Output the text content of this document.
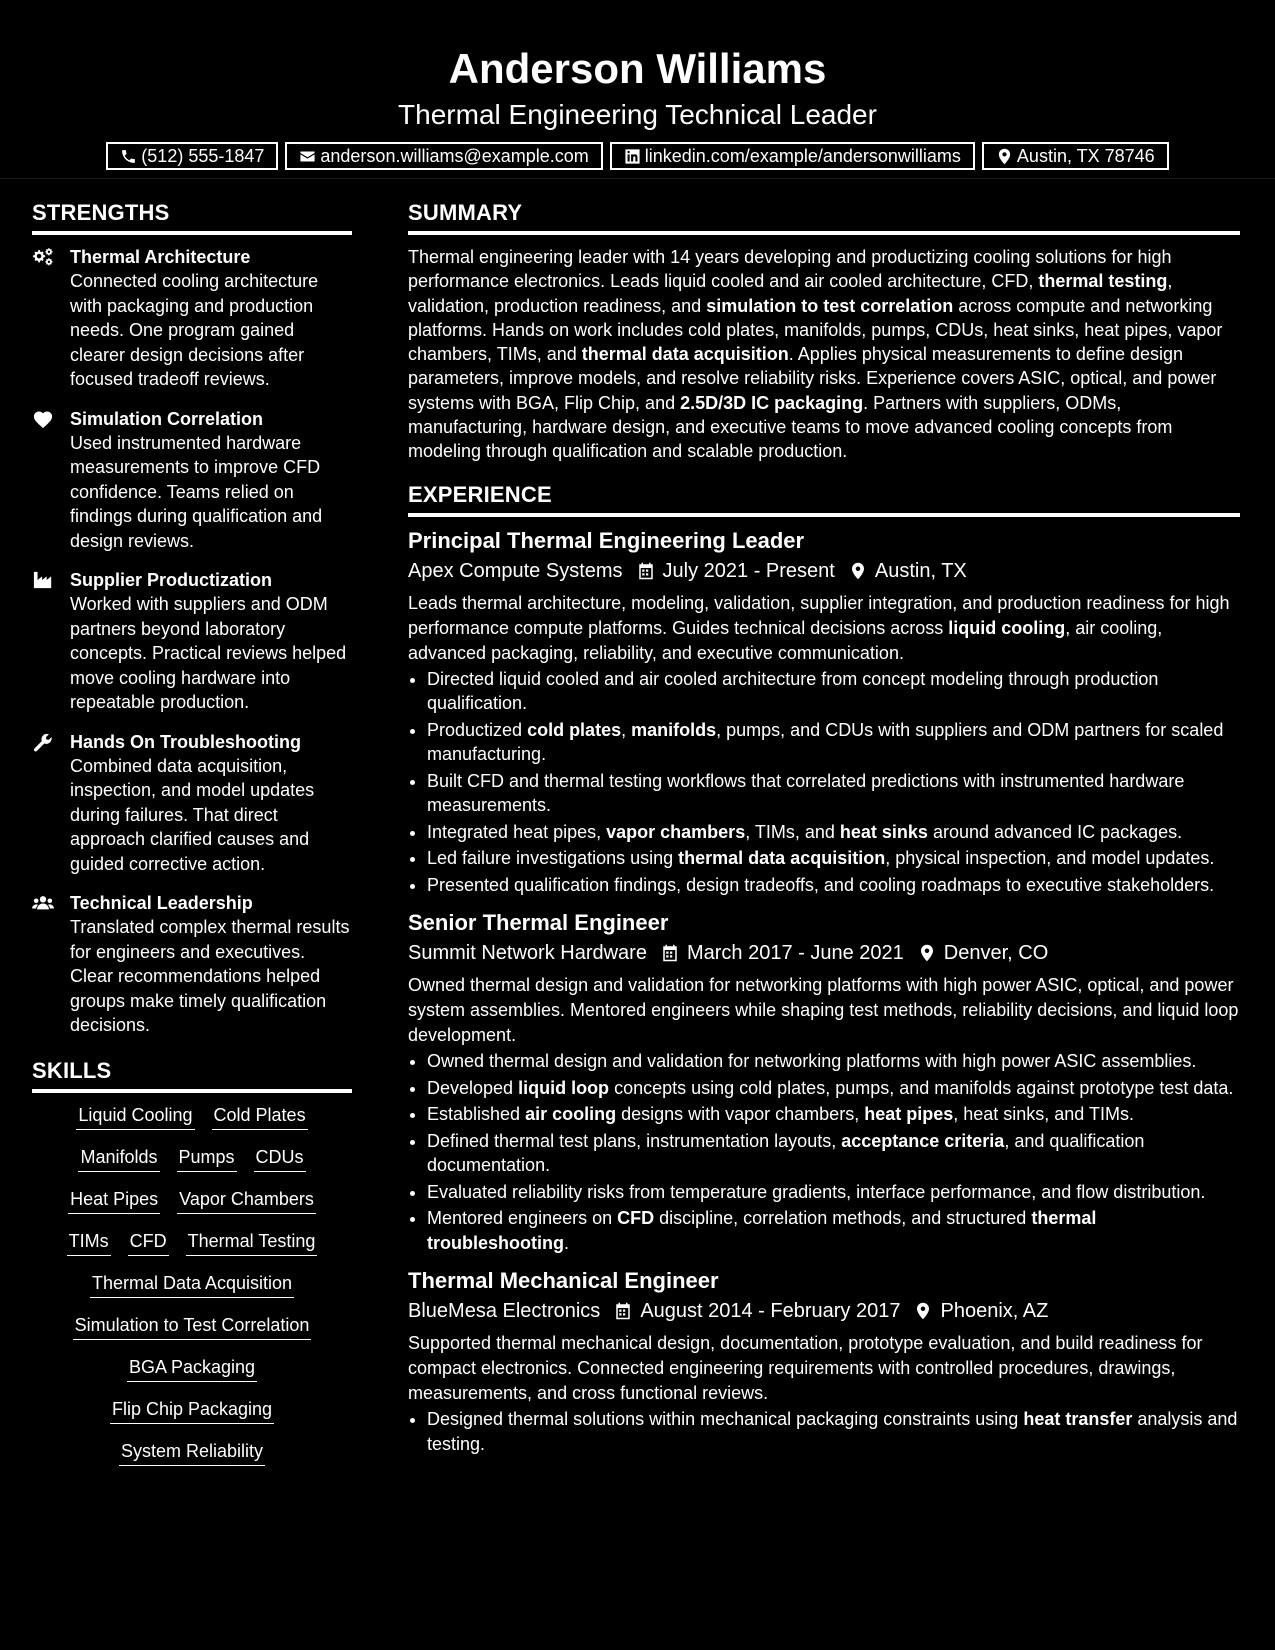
Anderson Williams
Thermal Engineering Technical Leader
(512) 555-1847	anderson.williams@example.com	linkedin.com/example/andersonwilliams	Austin, TX 78746
STRENGTHS
Thermal Architecture
Connected cooling architecture with packaging and production needs. One program gained clearer design decisions after focused tradeoff reviews.
Simulation Correlation
Used instrumented hardware measurements to improve CFD confidence. Teams relied on findings during qualification and design reviews.
Supplier Productization
Worked with suppliers and ODM partners beyond laboratory concepts. Practical reviews helped move cooling hardware into repeatable production.
Hands On Troubleshooting
Combined data acquisition, inspection, and model updates during failures. That direct approach clarified causes and guided corrective action.
Technical Leadership
Translated complex thermal results for engineers and executives. Clear recommendations helped groups make timely qualification decisions.
SKILLS
Liquid Cooling Cold Plates
Manifolds Pumps CDUs
Heat Pipes Vapor Chambers
TIMs CFD Thermal Testing
Thermal Data Acquisition
Simulation to Test Correlation
BGA Packaging
Flip Chip Packaging
System Reliability
SUMMARY
Thermal engineering leader with 14 years developing and productizing cooling solutions for high performance electronics. Leads liquid cooled and air cooled architecture, CFD, thermal testing, validation, production readiness, and simulation to test correlation across compute and networking platforms. Hands on work includes cold plates, manifolds, pumps, CDUs, heat sinks, heat pipes, vapor chambers, TIMs, and thermal data acquisition. Applies physical measurements to define design parameters, improve models, and resolve reliability risks. Experience covers ASIC, optical, and power systems with BGA, Flip Chip, and 2.5D/3D IC packaging. Partners with suppliers, ODMs, manufacturing, hardware design, and executive teams to move advanced cooling concepts from modeling through qualification and scalable production.
EXPERIENCE
Principal Thermal Engineering Leader
Apex Compute Systems July 2021 - Present Austin, TX
Leads thermal architecture, modeling, validation, supplier integration, and production readiness for high performance compute platforms. Guides technical decisions across liquid cooling, air cooling, advanced packaging, reliability, and executive communication.
• Directed liquid cooled and air cooled architecture from concept modeling through production qualification.
• Productized cold plates, manifolds, pumps, and CDUs with suppliers and ODM partners for scaled manufacturing.
• Built CFD and thermal testing workflows that correlated predictions with instrumented hardware measurements.
• Integrated heat pipes, vapor chambers, TIMs, and heat sinks around advanced IC packages.
• Led failure investigations using thermal data acquisition, physical inspection, and model updates.
• Presented qualification findings, design tradeoffs, and cooling roadmaps to executive stakeholders.
Senior Thermal Engineer
Summit Network Hardware March 2017 - June 2021 Denver, CO
Owned thermal design and validation for networking platforms with high power ASIC, optical, and power system assemblies. Mentored engineers while shaping test methods, reliability decisions, and liquid loop development.
• Owned thermal design and validation for networking platforms with high power ASIC assemblies.
• Developed liquid loop concepts using cold plates, pumps, and manifolds against prototype test data.
• Established air cooling designs with vapor chambers, heat pipes, heat sinks, and TIMs.
• Defined thermal test plans, instrumentation layouts, acceptance criteria, and qualification documentation.
• Evaluated reliability risks from temperature gradients, interface performance, and flow distribution.
• Mentored engineers on CFD discipline, correlation methods, and structured thermal troubleshooting.
Thermal Mechanical Engineer
BlueMesa Electronics August 2014 - February 2017 Phoenix, AZ
Supported thermal mechanical design, documentation, prototype evaluation, and build readiness for compact electronics. Connected engineering requirements with controlled procedures, drawings, measurements, and cross functional reviews.
• Designed thermal solutions within mechanical packaging constraints using heat transfer analysis and testing.
